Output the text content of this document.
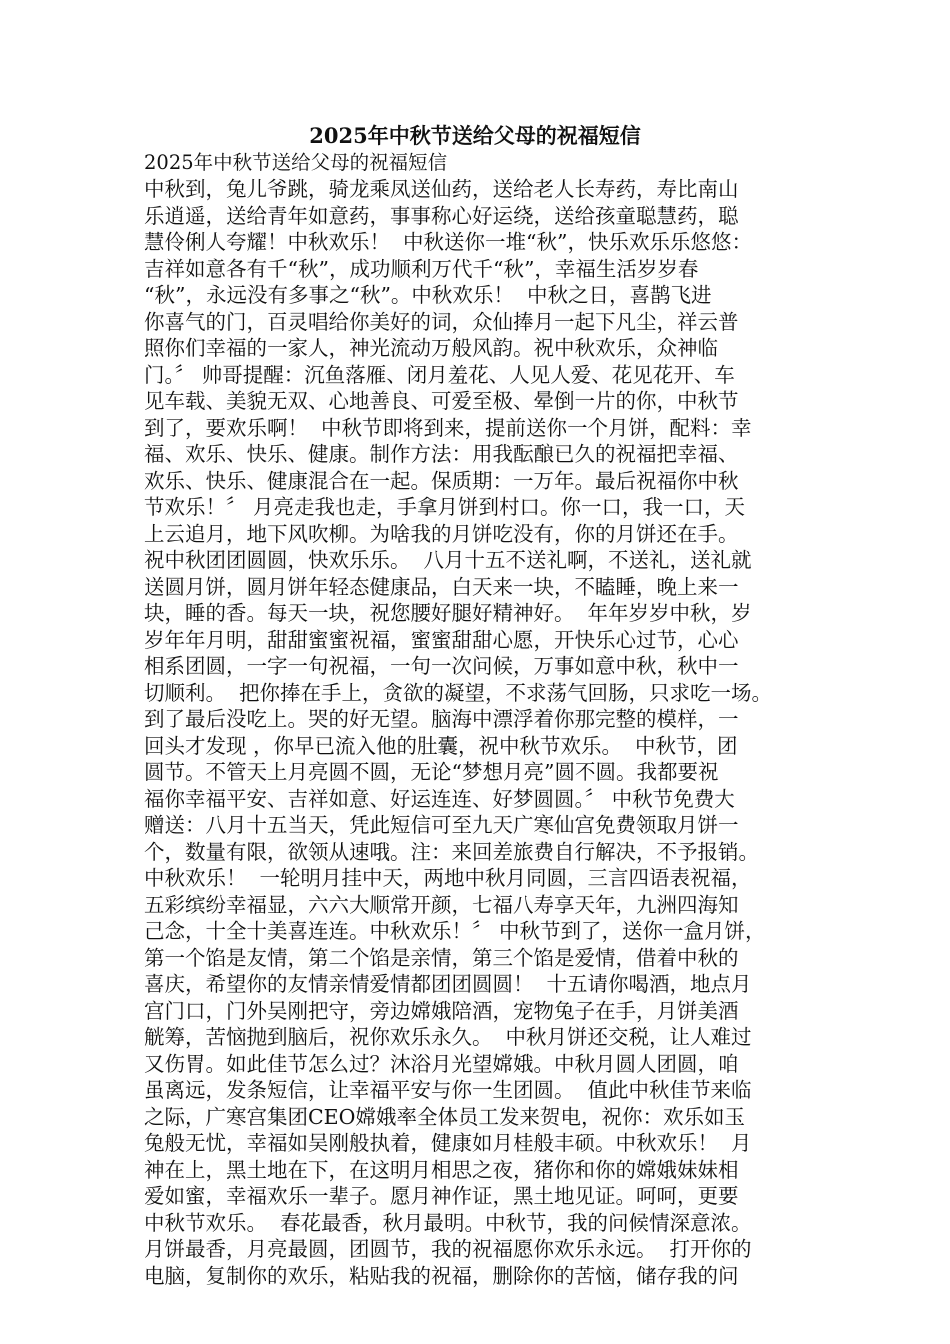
2025年中秋节送给父母的祝福短信
2025年中秋节送给父母的祝福短信
中秋到，兔儿爷跳，骑龙乘凤送仙药，送给老人长寿药，寿比南山
乐逍遥，送给青年如意药，事事称心好运绕，送给孩童聪慧药，聪
慧伶俐人夸耀！中秋欢乐！  中秋送你一堆“秋”，快乐欢乐乐悠悠：
吉祥如意各有千“秋”，成功顺利万代千“秋”，幸福生活岁岁春
“秋”，永远没有多事之“秋”。中秋欢乐！  中秋之日，喜鹊飞进
你喜气的门，百灵唱给你美好的词，众仙捧月一起下凡尘，祥云普
照你们幸福的一家人，神光流动万般风韵。祝中秋欢乐，众神临
门。〞 帅哥提醒：沉鱼落雁、闭月羞花、人见人爱、花见花开、车
见车载、美貌无双、心地善良、可爱至极、晕倒一片的你，中秋节
到了，要欢乐啊！  中秋节即将到来，提前送你一个月饼，配料：幸
福、欢乐、快乐、健康。制作方法：用我酝酿已久的祝福把幸福、
欢乐、快乐、健康混合在一起。保质期：一万年。最后祝福你中秋
节欢乐！〞 月亮走我也走，手拿月饼到村口。你一口，我一口，天
上云追月，地下风吹柳。为啥我的月饼吃没有，你的月饼还在手。
祝中秋团团圆圆，快欢乐乐。  八月十五不送礼啊，不送礼，送礼就
送圆月饼，圆月饼年轻态健康品，白天来一块，不瞌睡，晚上来一
块，睡的香。每天一块，祝您腰好腿好精神好。  年年岁岁中秋，岁
岁年年月明，甜甜蜜蜜祝福，蜜蜜甜甜心愿，开快乐心过节，心心
相系团圆，一字一句祝福，一句一次问候，万事如意中秋，秋中一
切顺利。  把你捧在手上，贪欲的凝望，不求荡气回肠，只求吃一场。
到了最后没吃上。哭的好无望。脑海中漂浮着你那完整的模样，一
回头才发现 ，你早已流入他的肚囊，祝中秋节欢乐。  中秋节，团
圆节。不管天上月亮圆不圆，无论“梦想月亮”圆不圆。我都要祝
福你幸福平安、吉祥如意、好运连连、好梦圆圆。〞 中秋节免费大
赠送：八月十五当天，凭此短信可至九天广寒仙宫免费领取月饼一
个，数量有限，欲领从速哦。注：来回差旅费自行解决，不予报销。
中秋欢乐！  一轮明月挂中天，两地中秋月同圆，三言四语表祝福，
五彩缤纷幸福显，六六大顺常开颜，七福八寿享天年，九洲四海知
己念，十全十美喜连连。中秋欢乐！〞 中秋节到了，送你一盒月饼，
第一个馅是友情，第二个馅是亲情，第三个馅是爱情，借着中秋的
喜庆，希望你的友情亲情爱情都团团圆圆！  十五请你喝酒，地点月
宫门口，门外吴刚把守，旁边嫦娥陪酒，宠物兔子在手，月饼美酒
觥筹，苦恼抛到脑后，祝你欢乐永久。  中秋月饼还交税，让人难过
又伤胃。如此佳节怎么过？沐浴月光望嫦娥。中秋月圆人团圆，咱
虽离远，发条短信，让幸福平安与你一生团圆。  值此中秋佳节来临
之际，广寒宫集团CEO嫦娥率全体员工发来贺电，祝你：欢乐如玉
兔般无忧，幸福如吴刚般执着，健康如月桂般丰硕。中秋欢乐！  月
神在上，黑土地在下，在这明月相思之夜，猪你和你的嫦娥妹妹相
爱如蜜，幸福欢乐一辈子。愿月神作证，黑土地见证。呵呵，更要
中秋节欢乐。  春花最香，秋月最明。中秋节，我的问候情深意浓。
月饼最香，月亮最圆，团圆节，我的祝福愿你欢乐永远。  打开你的
电脑，复制你的欢乐，粘贴我的祝福，删除你的苦恼，储存我的问
